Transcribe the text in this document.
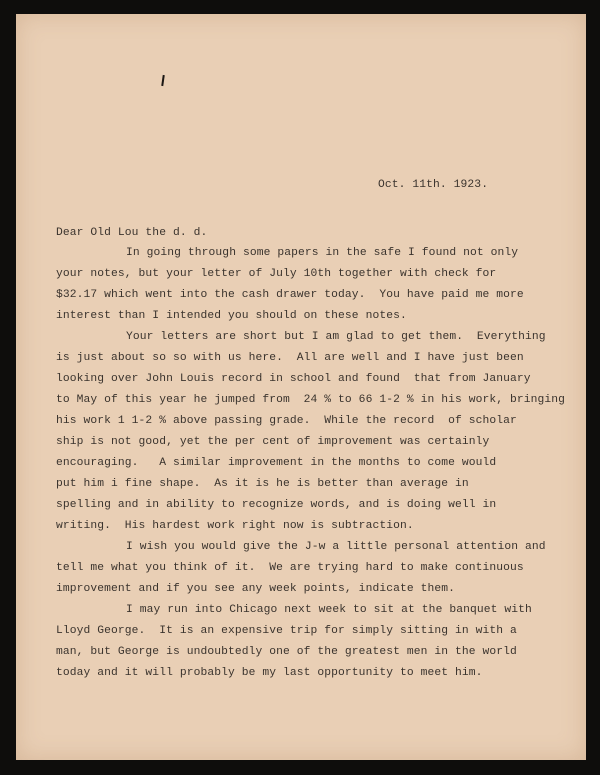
Oct. 11th. 1923.
Dear Old Lou the d. d.
In going through some papers in the safe I found not only
your notes, but your letter of July 10th together with check for
$32.17 which went into the cash drawer today.  You have paid me more
interest than I intended you should on these notes.
Your letters are short but I am glad to get them.  Everything
is just about so so with us here.  All are well and I have just been
looking over John Louis record in school and found  that from January
to May of this year he jumped from  24 % to 66 1-2 % in his work, bringing
his work 1 1-2 % above passing grade.  While the record  of scholar
ship is not good, yet the per cent of improvement was certainly
encouraging.   A similar improvement in the months to come would
put him i fine shape.  As it is he is better than average in
spelling and in ability to recognize words, and is doing well in
writing.  His hardest work right now is subtraction.
I wish you would give the J-w a little personal attention and
tell me what you think of it.  We are trying hard to make continuous
improvement and if you see any week points, indicate them.
I may run into Chicago next week to sit at the banquet with
Lloyd George.  It is an expensive trip for simply sitting in with a
man, but George is undoubtedly one of the greatest men in the world
today and it will probably be my last opportunity to meet him.
